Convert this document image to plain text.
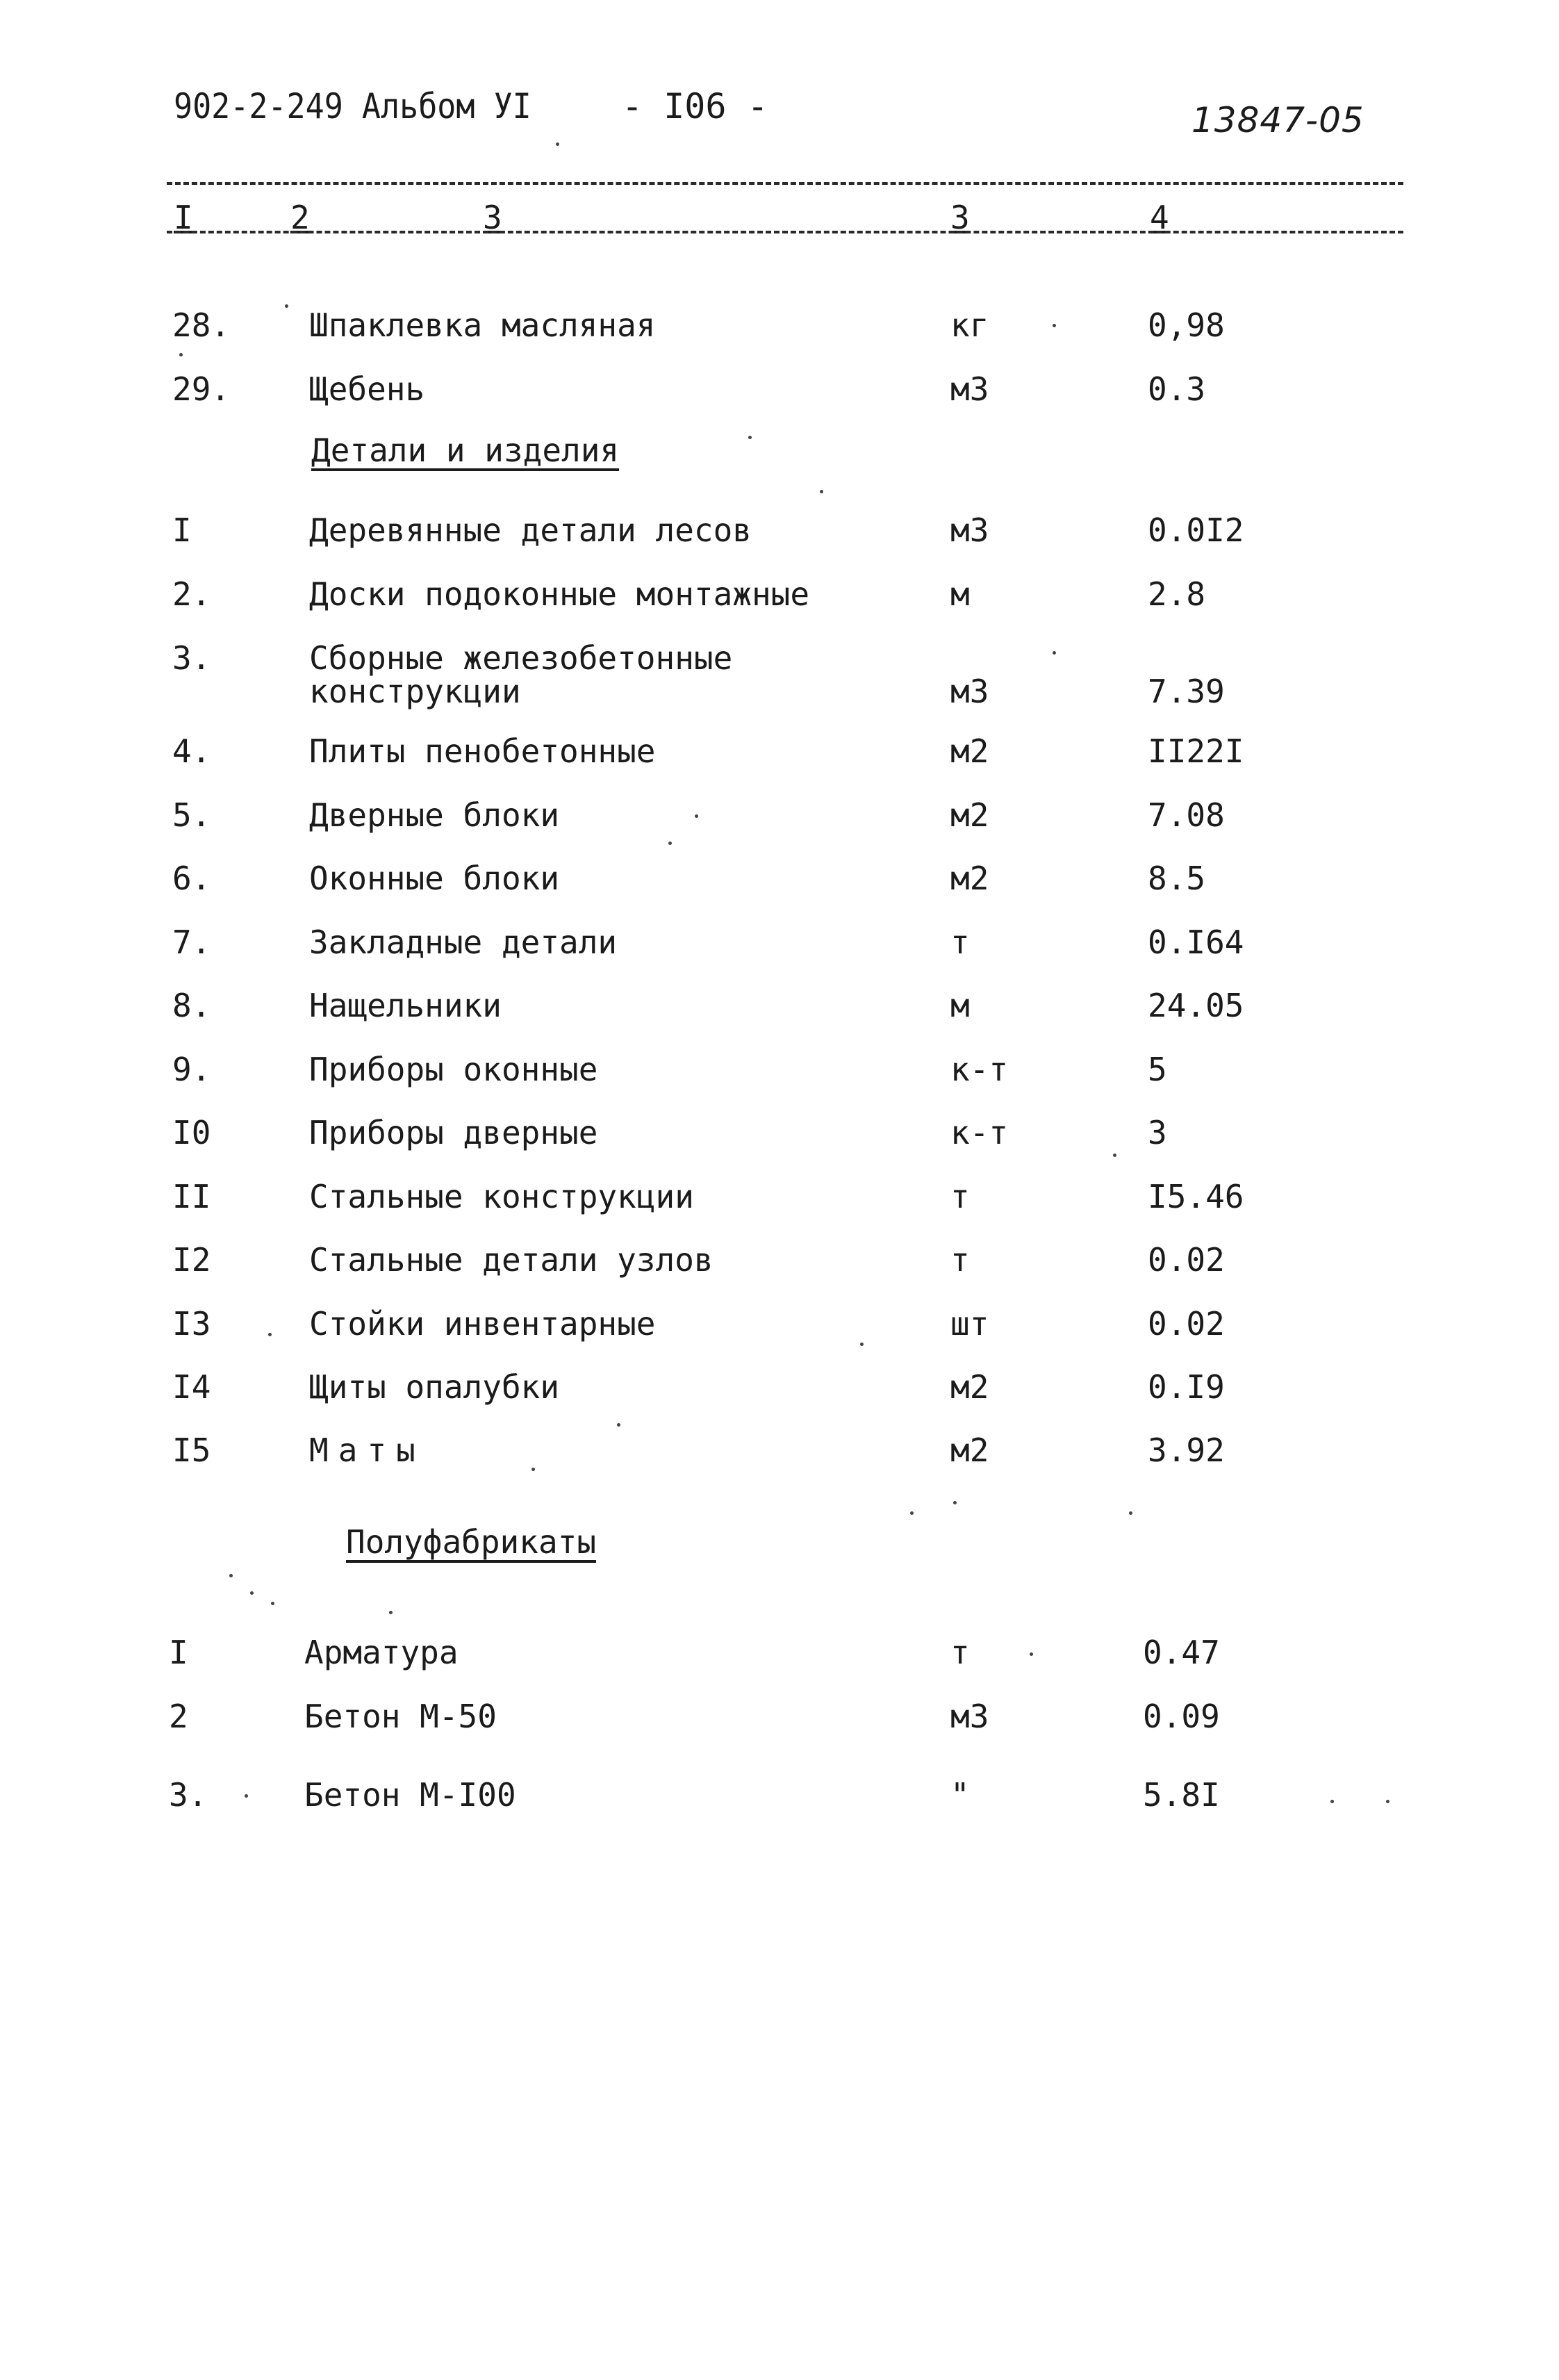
902-2-249 Альбом УI	- I06 -	13847-05
I	2	3	3	4
28. Шпаклевка масляная	кг	0,98
29. Щебень	м3	0.3
Детали и изделия
I	Деревянные детали лесов	м3	0.0I2
2.	Доски подоконные монтажные	м	2.8
3.	Сборные железобетонные
конструкции	м3	7.39
4.	Плиты пенобетонные	м2	II22I
5.	Дверные блоки	м2	7.08
6.	Оконные блоки	м2	8.5
7.	Закладные детали	т	0.I64
8.	Нащельники	м	24.05
9.	Приборы оконные	к-т	5
I0	Приборы дверные	к-т	3
II	Стальные конструкции	т	I5.46
I2	Стальные детали узлов	т	0.02
I3	Стойки инвентарные	шт	0.02
I4	Щиты опалубки	м2	0.I9
I5	Маты	м2	3.92
Полуфабрикаты
I	Арматура	т	0.47
2	Бетон М-50	м3	0.09
3.	Бетон М-I00	"	5.8I
